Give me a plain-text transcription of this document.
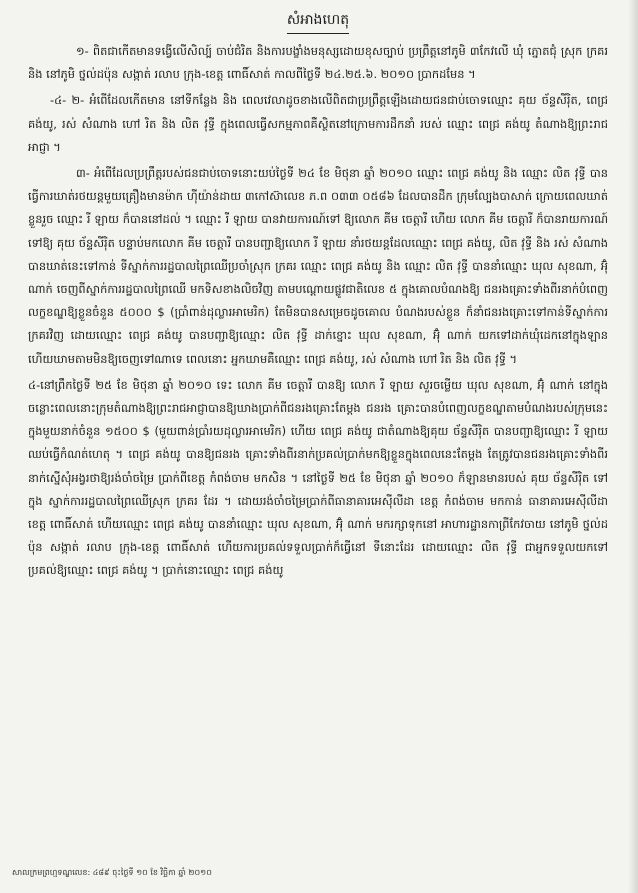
សំអាងហេតុ

១- ពិតជាកើតមានទង្វើលើសិល្ប៍ ចាប់ជំរិត និងការបង្ខាំងមនុស្សដោយខុសច្បាប់ ប្រព្រឹត្តនៅភូមិ ៣កែវលើ ឃុំ ភ្នោតជុំ ស្រុក ក្រគរ និង នៅភូមិ ថ្នល់ដប៉ុន សង្កាត់ រលាប ក្រុង-ខេត្ត ពោធិ៍សាត់ កាលពីថ្ងៃទី ២៤.២៥.៦. ២០១០ ប្រាកដមែន ។

-៤- ២- អំពើដែលកើតមាន នៅទីកន្លែង និង ពេលវេលាដូចខាងលើពិតជាប្រព្រឹត្តឡើងដោយជនជាប់ចោទឈ្មោះ គុយ ច័ន្ទសីរ៉ិត, ពេជ្រ គង់យូ, រស់ សំណាង ហៅ រិត និង លិត វុទ្ធី ក្នុងពេលធ្វើសកម្មភាពគឺស្ថិតនៅក្រោមការដឹកនាំ របស់ ឈ្មោះ ពេជ្រ គង់យូ តំណាងឱ្យព្រះរាជអាជ្ញា ។

៣- អំពើដែលប្រព្រឹត្តរបស់ជនជាប់ចោទនោះយប់ថ្ងៃទី ២៤ ខែ មិថុនា ឆ្នាំ ២០១០ ឈ្មោះ ពេជ្រ គង់យូ និង ឈ្មោះ លិត វុទ្ធី បានធ្វើការឃាត់រថយន្តមួយគ្រឿងមានម៉ាក ហ៊ីយ៉ាន់ដាយ ៣កៅស៊ាលេខ ភ.ព ០៣៣ ០៥៨៦ ដែលបានដឹក ក្រុមល្បែងបាសាក់ ក្រោយពេលឃាត់ខ្លួនរួច ឈ្មោះ រី ឡាយ ក៏បាននៅដល់ ។ ឈ្មោះ រី ឡាយ បានវាយការណ៍ទៅ ឱ្យលោក គីម ចេត្តារី ហើយ លោក គីម ចេត្តារី ក៏បានរាយការណ៍ទៅឱ្យ គុយ ច័ន្ទសីរ៉ិត បន្ទាប់មកលោក គីម ចេត្តារី បានបញ្ជាឱ្យលោក រី ឡាយ នាំរថយន្តដែលឈ្មោះ ពេជ្រ គង់យូ, លិត វុទ្ធី និង រស់ សំណាង បានឃាត់នេះទៅកាន់ ទីស្នាក់ការរដ្ឋបាលព្រៃឈើប្រចាំស្រុក ក្រគរ ឈ្មោះ ពេជ្រ គង់យូ និង ឈ្មោះ លិត វុទ្ធី បាននាំឈ្មោះ ឃុល សុខណា, អ៊ុំ ណាក់ ចេញពីស្នាក់ការរដ្ឋបាលព្រៃឈើ មកទិសខាងលិចវិញ តាមបណ្ដោយផ្លូវជាតិលេខ ៥ ក្នុងគោលបំណងឱ្យ ជនរងគ្រោះទាំងពីរនាក់បំពេញលក្ខខណ្ឌឱ្យខ្លួនចំនួន ៥០០០ $ (ប្រាំពាន់ដុល្លារអាមេរិក) តែមិនបានសម្រេចដូចគោល បំណងរបស់ខ្លួន ក៏នាំជនរងគ្រោះទៅកាន់ទីស្នាក់ការក្រគរវិញ ដោយឈ្មោះ ពេជ្រ គង់យូ បានបញ្ជាឱ្យឈ្មោះ លិត វុទ្ធី ដាក់ខ្នោះ ឃុល សុខណា, អ៊ុំ ណាក់ យកទៅដាក់ឃុំដេកនៅក្នុងឡាន ហើយឃាមតាមមិនឱ្យចេញទៅណាទេ ពេលនោះ អ្នកឃាមគឺឈ្មោះ ពេជ្រ គង់យូ, រស់ សំណាង ហៅ រិត និង លិត វុទ្ធី ។

៤-នៅព្រឹកថ្ងៃទី ២៥ ខែ មិថុនា ឆ្នាំ ២០១០ ទេះ លោក គីម ចេត្តារី បានឱ្យ លោក រី ឡាយ សួរចម្លើយ ឃុល សុខណា, អ៊ុំ ណាក់ នៅក្នុងចន្លោះពេលនោះក្រុមតំណាងឱ្យព្រះរាជអាជ្ញាបានឱ្យឃាងប្រាក់ពីជនរងគ្រោះតែម្ដង ជនរង គ្រោះបានបំពេញលក្ខខណ្ឌតាមបំណងរបស់ក្រុមនេះក្នុងមួយនាក់ចំនួន ១៥០០ $ (មួយពាន់ប្រាំរយដុល្លារអាមេរិក) ហើយ ពេជ្រ គង់យូ ជាតំណាងឱ្យគុយ ច័ន្ទសីរ៉ិត បានបញ្ជាឱ្យឈ្មោះ រី ឡាយ ឈប់ធ្វើកំណត់ហេតុ ។ ពេជ្រ គង់យូ បានឱ្យជនរង គ្រោះទាំងពីរនាក់ប្រគល់ប្រាក់មកឱ្យខ្លួនក្នុងពេលនេះតែម្ដង តែត្រូវបានជនរងគ្រោះទាំងពីរនាក់ស្នើសុំអង្វរថាឱ្យរង់ចាំចម្រៃ ប្រាក់ពីខេត្ត កំពង់ចាម មកសិន ។ នៅថ្ងៃទី ២៥ ខែ មិថុនា ឆ្នាំ ២០១០ ក៏ឡានមានរបស់ គុយ ច័ន្ទសីរ៉ិត ទៅក្នុង ស្នាក់ការរដ្ឋបាលព្រៃឈើស្រុក ក្រគរ ដែរ ។ ដោយរង់ចាំចម្រៃប្រាក់ពីធានាគារអេស៊ីលីដា ខេត្ត កំពង់ចាម មកកាន់ ធានាគារអេស៊ីលីដា ខេត្ត ពោធិ៍សាត់ ហើយឈ្មោះ ពេជ្រ គង់យូ បាននាំឈ្មោះ ឃុល សុខណា, អ៊ុំ ណាក់ មករក្សាទុកនៅ អាហារដ្ឋានកាព្រីកែវចាយ នៅភូមិ ថ្នល់ដប៉ុន សង្កាត់ រលាប ក្រុង-ខេត្ត ពោធិ៍សាត់ ហើយការប្រគល់ទទួលប្រាក់ក៏ធ្វើនៅ ទីនោះដែរ ដោយឈ្មោះ លិត វុទ្ធី ជាអ្នកទទួលយកទៅប្រគល់ឱ្យឈ្មោះ ពេជ្រ គង់យូ ។ ប្រាក់នោះឈ្មោះ ពេជ្រ គង់យូ

សាលក្រមព្រហ្មទណ្ឌលេខ: ៤៨៩ ចុះថ្ងៃទី ១០ ខែ វិច្ឆិកា ឆ្នាំ ២០១០
